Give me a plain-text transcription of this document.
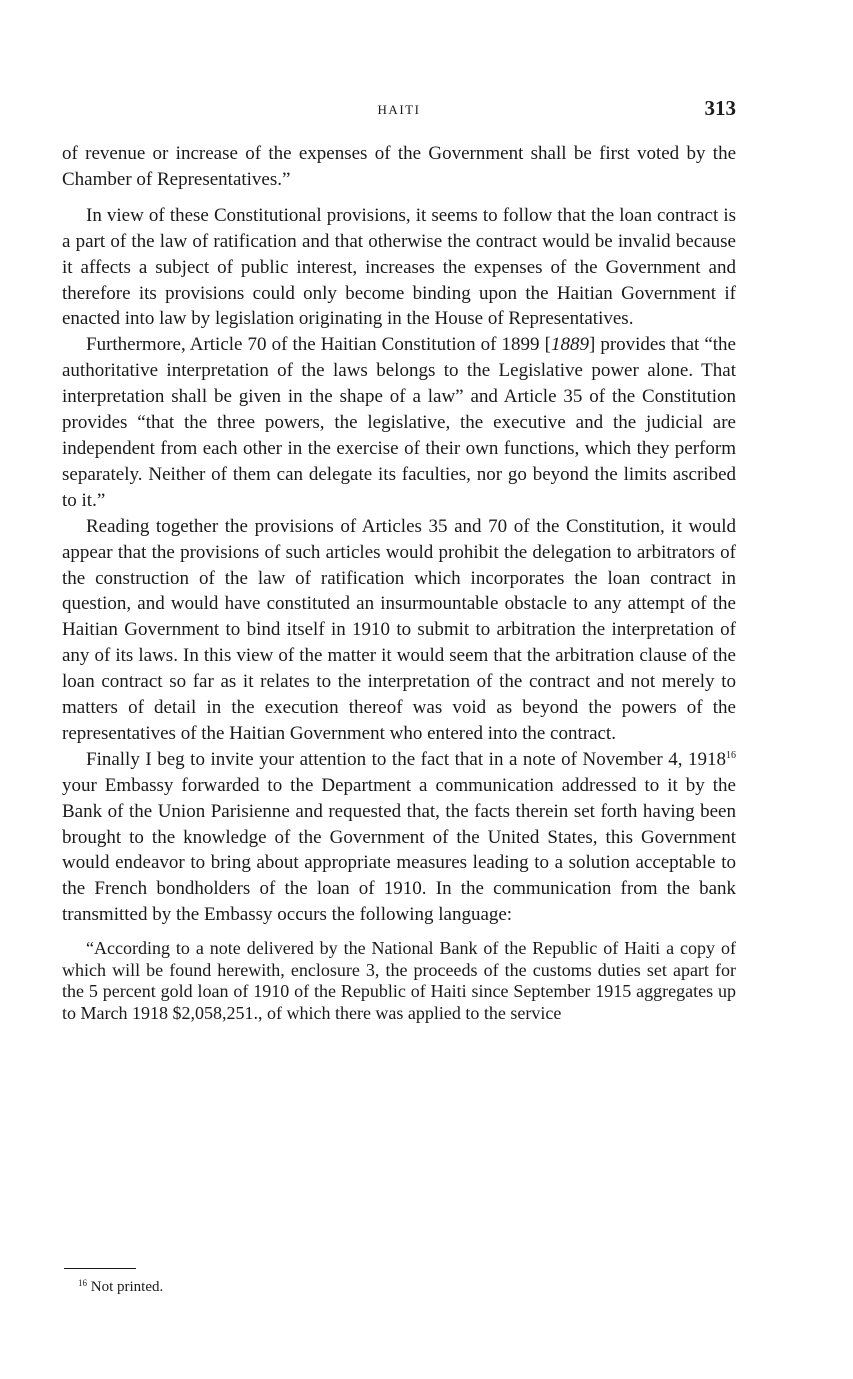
HAITI	313

of revenue or increase of the expenses of the Government shall be first voted by the Chamber of Representatives.”

In view of these Constitutional provisions, it seems to follow that the loan contract is a part of the law of ratification and that otherwise the contract would be invalid because it affects a subject of public interest, increases the expenses of the Government and therefore its provisions could only become binding upon the Haitian Government if enacted into law by legislation originating in the House of Representatives.

Furthermore, Article 70 of the Haitian Constitution of 1899 [1889] provides that “the authoritative interpretation of the laws belongs to the Legislative power alone. That interpretation shall be given in the shape of a law” and Article 35 of the Constitution provides “that the three powers, the legislative, the executive and the judicial are independent from each other in the exercise of their own functions, which they perform separately. Neither of them can delegate its faculties, nor go beyond the limits ascribed to it.”

Reading together the provisions of Articles 35 and 70 of the Constitution, it would appear that the provisions of such articles would prohibit the delegation to arbitrators of the construction of the law of ratification which incorporates the loan contract in question, and would have constituted an insurmountable obstacle to any attempt of the Haitian Government to bind itself in 1910 to submit to arbitration the interpretation of any of its laws. In this view of the matter it would seem that the arbitration clause of the loan contract so far as it relates to the interpretation of the contract and not merely to matters of detail in the execution thereof was void as beyond the powers of the representatives of the Haitian Government who entered into the contract.

Finally I beg to invite your attention to the fact that in a note of November 4, 1918$^{16}$ your Embassy forwarded to the Department a communication addressed to it by the Bank of the Union Parisienne and requested that, the facts therein set forth having been brought to the knowledge of the Government of the United States, this Government would endeavor to bring about appropriate measures leading to a solution acceptable to the French bondholders of the loan of 1910. In the communication from the bank transmitted by the Embassy occurs the following language:

“According to a note delivered by the National Bank of the Republic of Haiti a copy of which will be found herewith, enclosure 3, the proceeds of the customs duties set apart for the 5 percent gold loan of 1910 of the Republic of Haiti since September 1915 aggregates up to March 1918 $2,058,251., of which there was applied to the service

$^{16}$ Not printed.
